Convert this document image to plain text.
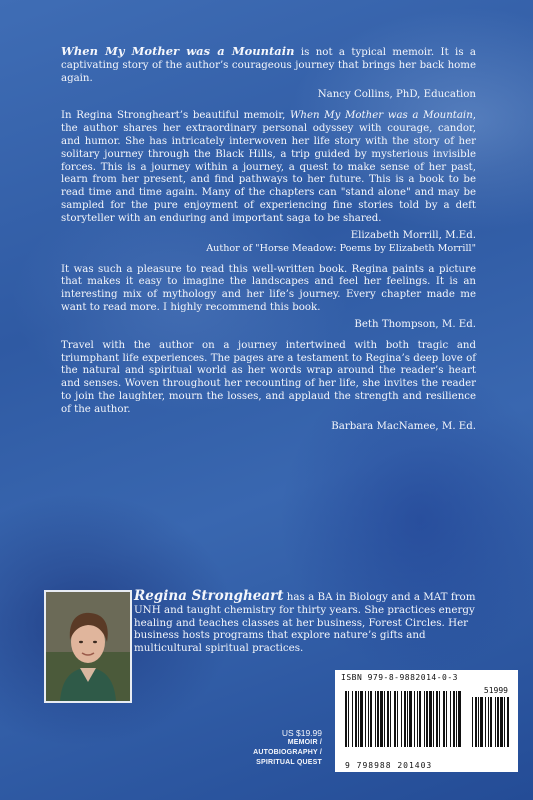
When My Mother was a Mountain is not a typical memoir. It is a captivating story of the author’s courageous journey that brings her back home again.

Nancy Collins, PhD, Education

In Regina Strongheart’s beautiful memoir, When My Mother was a Mountain, the author shares her extraordinary personal odyssey with courage, candor, and humor. She has intricately interwoven her life story with the story of her solitary journey through the Black Hills, a trip guided by mysterious invisible forces. This is a journey within a journey, a quest to make sense of her past, learn from her present, and find pathways to her future. This is a book to be read time and time again. Many of the chapters can "stand alone" and may be sampled for the pure enjoyment of experiencing fine stories told by a deft storyteller with an enduring and important saga to be shared.

Elizabeth Morrill, M.Ed.
Author of "Horse Meadow: Poems by Elizabeth Morrill"

It was such a pleasure to read this well-written book. Regina paints a picture that makes it easy to imagine the landscapes and feel her feelings. It is an interesting mix of mythology and her life’s journey. Every chapter made me want to read more. I highly recommend this book.

Beth Thompson, M. Ed.

Travel with the author on a journey intertwined with both tragic and triumphant life experiences. The pages are a testament to Regina’s deep love of the natural and spiritual world as her words wrap around the reader’s heart and senses. Woven throughout her recounting of her life, she invites the reader to join the laughter, mourn the losses, and applaud the strength and resilience of the author.

Barbara MacNamee, M. Ed.

Regina Strongheart has a BA in Biology and a MAT from UNH and taught chemistry for thirty years. She practices energy healing and teaches classes at her business, Forest Circles. Her business hosts programs that explore nature’s gifts and multicultural spiritual practices.

US $19.99
MEMOIR /
AUTOBIOGRAPHY /
SPIRITUAL QUEST
ISBN 979-8-9882014-0-3
51999
9 798988 201403
